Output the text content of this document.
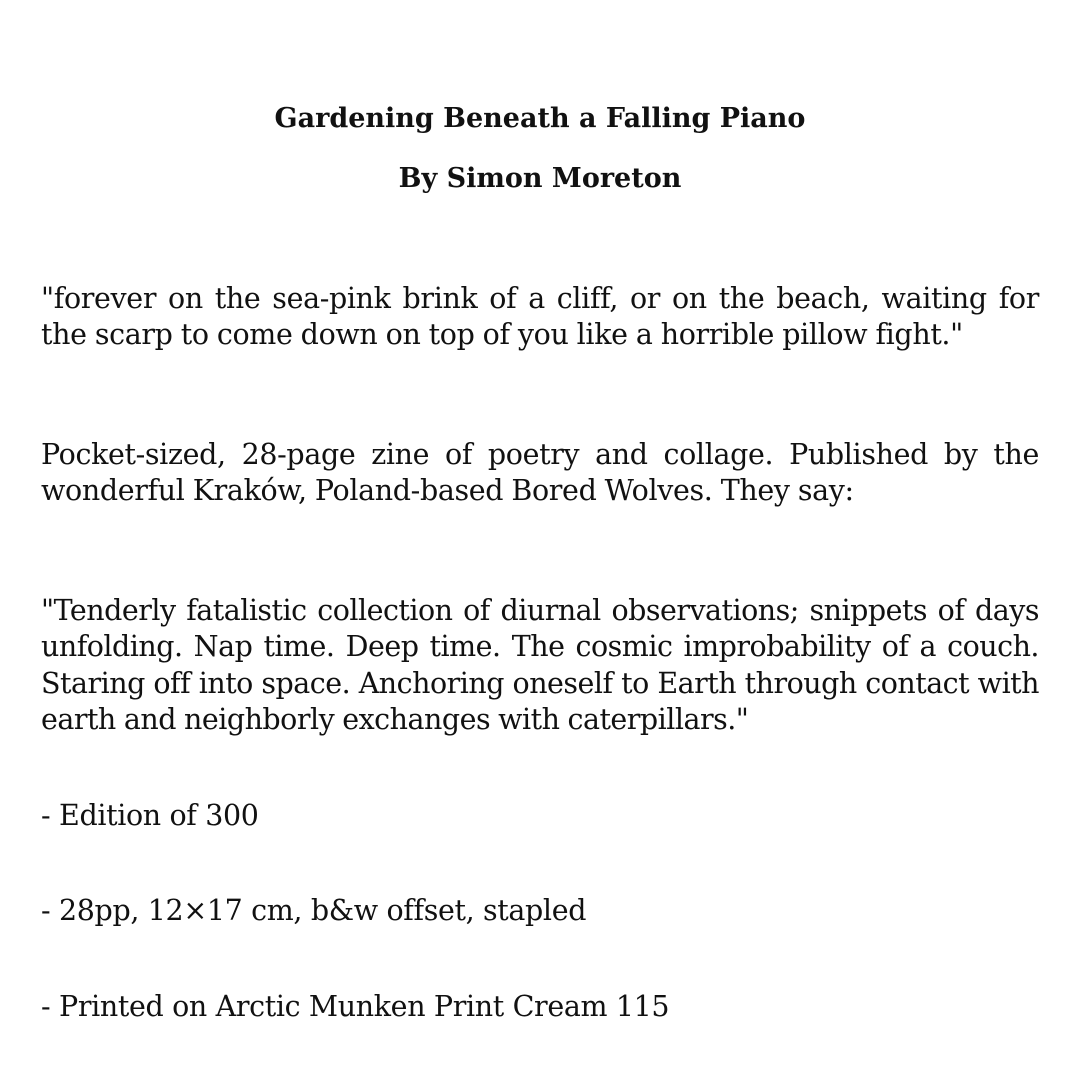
Gardening Beneath a Falling Piano
By Simon Moreton

"forever on the sea-pink brink of a cliff, or on the beach, waiting for the scarp to come down on top of you like a horrible pillow fight."

Pocket-sized, 28-page zine of poetry and collage. Published by the wonderful Kraków, Poland-based Bored Wolves. They say:

"Tenderly fatalistic collection of diurnal observations; snippets of days unfolding. Nap time. Deep time. The cosmic improbability of a couch. Staring off into space. Anchoring oneself to Earth through contact with earth and neighborly exchanges with caterpillars."

- Edition of 300

- 28pp, 12×17 cm, b&w offset, stapled

- Printed on Arctic Munken Print Cream 115
